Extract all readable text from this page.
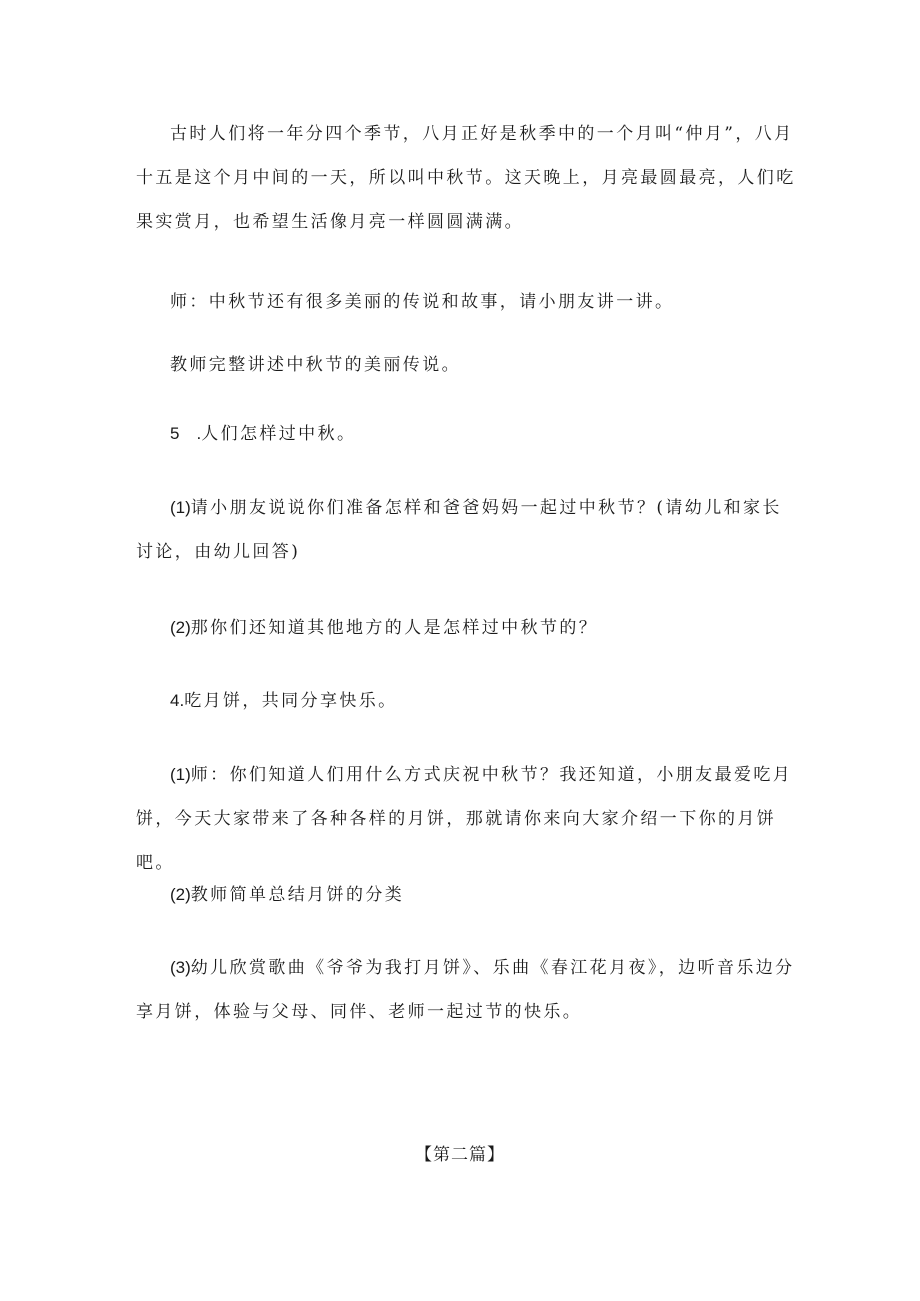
古时人们将一年分四个季节，八月正好是秋季中的一个月叫“仲月”，八月十五是这个月中间的一天，所以叫中秋节。这天晚上，月亮最圆最亮，人们吃果实赏月，也希望生活像月亮一样圆圆满满。

师：中秋节还有很多美丽的传说和故事，请小朋友讲一讲。

教师完整讲述中秋节的美丽传说。

5　.人们怎样过中秋。

(1)请小朋友说说你们准备怎样和爸爸妈妈一起过中秋节？(请幼儿和家长讨论，由幼儿回答)

(2)那你们还知道其他地方的人是怎样过中秋节的？

4.吃月饼，共同分享快乐。

(1)师：你们知道人们用什么方式庆祝中秋节？我还知道，小朋友最爱吃月饼，今天大家带来了各种各样的月饼，那就请你来向大家介绍一下你的月饼吧。

(2)教师简单总结月饼的分类

(3)幼儿欣赏歌曲《爷爷为我打月饼》、乐曲《春江花月夜》，边听音乐边分享月饼，体验与父母、同伴、老师一起过节的快乐。

【第二篇】
